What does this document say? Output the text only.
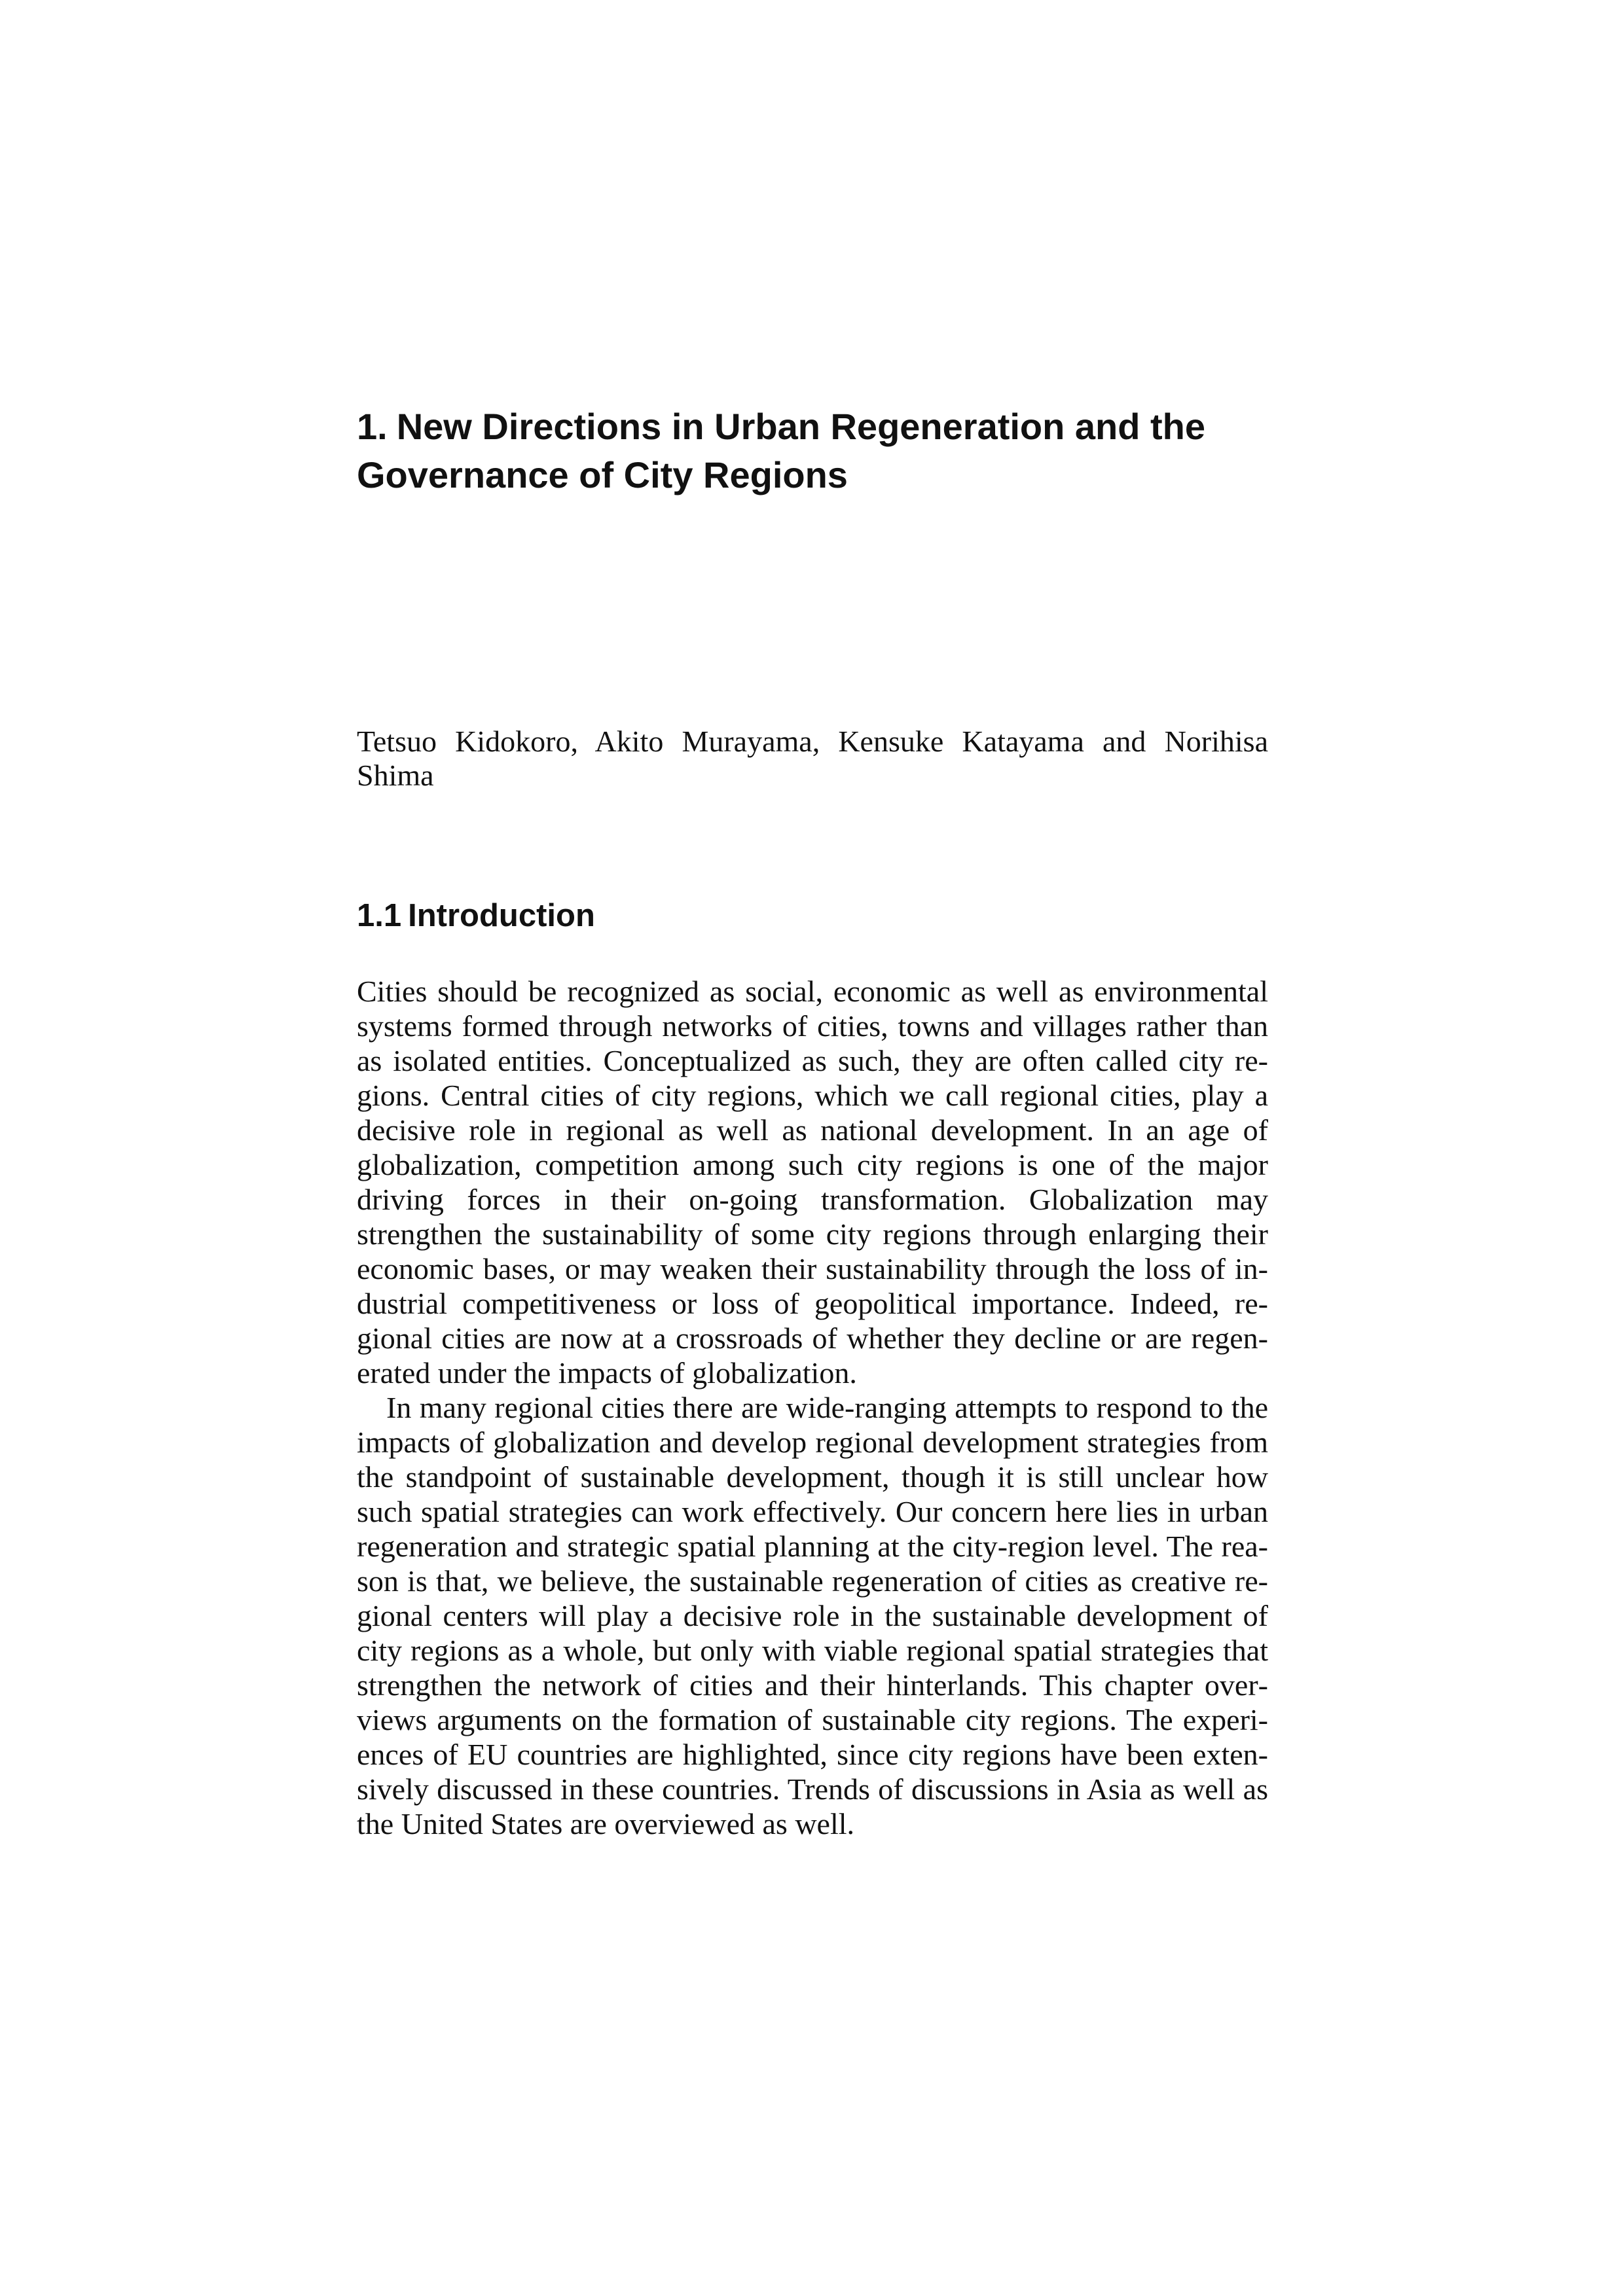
1. New Directions in Urban Regeneration and the Governance of City Regions

Tetsuo Kidokoro, Akito Murayama, Kensuke Katayama and Norihisa Shima

1.1 Introduction

Cities should be recognized as social, economic as well as environmental systems formed through networks of cities, towns and villages rather than as isolated entities. Conceptualized as such, they are often called city regions. Central cities of city regions, which we call regional cities, play a decisive role in regional as well as national development. In an age of globalization, competition among such city regions is one of the major driving forces in their on-going transformation. Globalization may strengthen the sustainability of some city regions through enlarging their economic bases, or may weaken their sustainability through the loss of industrial competitiveness or loss of geopolitical importance. Indeed, regional cities are now at a crossroads of whether they decline or are regenerated under the impacts of globalization.

In many regional cities there are wide-ranging attempts to respond to the impacts of globalization and develop regional development strategies from the standpoint of sustainable development, though it is still unclear how such spatial strategies can work effectively. Our concern here lies in urban regeneration and strategic spatial planning at the city-region level. The reason is that, we believe, the sustainable regeneration of cities as creative regional centers will play a decisive role in the sustainable development of city regions as a whole, but only with viable regional spatial strategies that strengthen the network of cities and their hinterlands. This chapter overviews arguments on the formation of sustainable city regions. The experiences of EU countries are highlighted, since city regions have been extensively discussed in these countries. Trends of discussions in Asia as well as the United States are overviewed as well.
